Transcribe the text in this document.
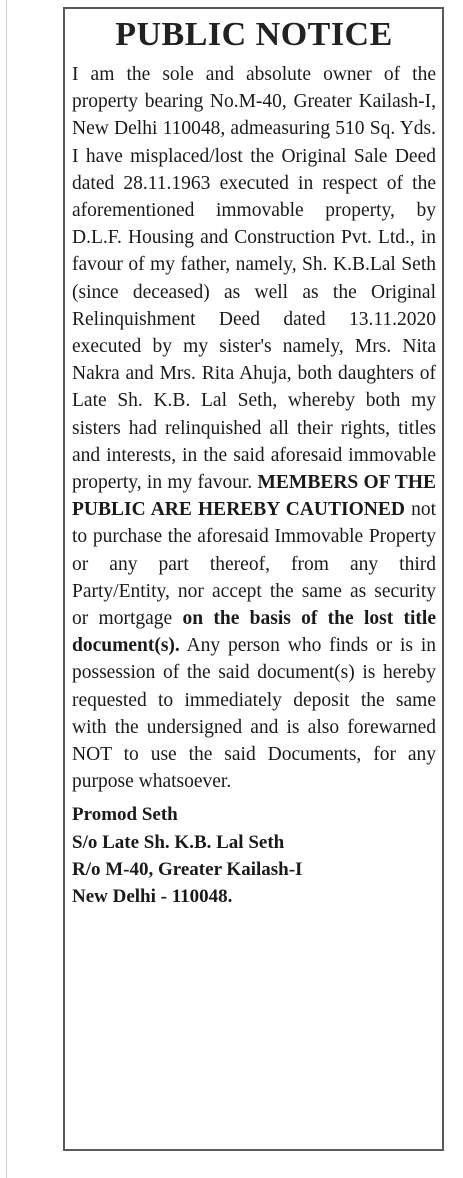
PUBLIC NOTICE

I am the sole and absolute owner of the property bearing No.M-40, Greater Kailash-I, New Delhi 110048, admeasuring 510 Sq. Yds. I have misplaced/lost the Original Sale Deed dated 28.11.1963 executed in respect of the aforementioned immovable property, by D.L.F. Housing and Construction Pvt. Ltd., in favour of my father, namely, Sh. K.B.Lal Seth (since deceased) as well as the Original Relinquishment Deed dated 13.11.2020 executed by my sister's namely, Mrs. Nita Nakra and Mrs. Rita Ahuja, both daughters of Late Sh. K.B. Lal Seth, whereby both my sisters had relinquished all their rights, titles and interests, in the said aforesaid immovable property, in my favour. MEMBERS OF THE PUBLIC ARE HEREBY CAUTIONED not to purchase the aforesaid Immovable Property or any part thereof, from any third Party/Entity, nor accept the same as security or mortgage on the basis of the lost title document(s). Any person who finds or is in possession of the said document(s) is hereby requested to immediately deposit the same with the undersigned and is also forewarned NOT to use the said Documents, for any purpose whatsoever.

Promod Seth
S/o Late Sh. K.B. Lal Seth
R/o M-40, Greater Kailash-I
New Delhi - 110048.
